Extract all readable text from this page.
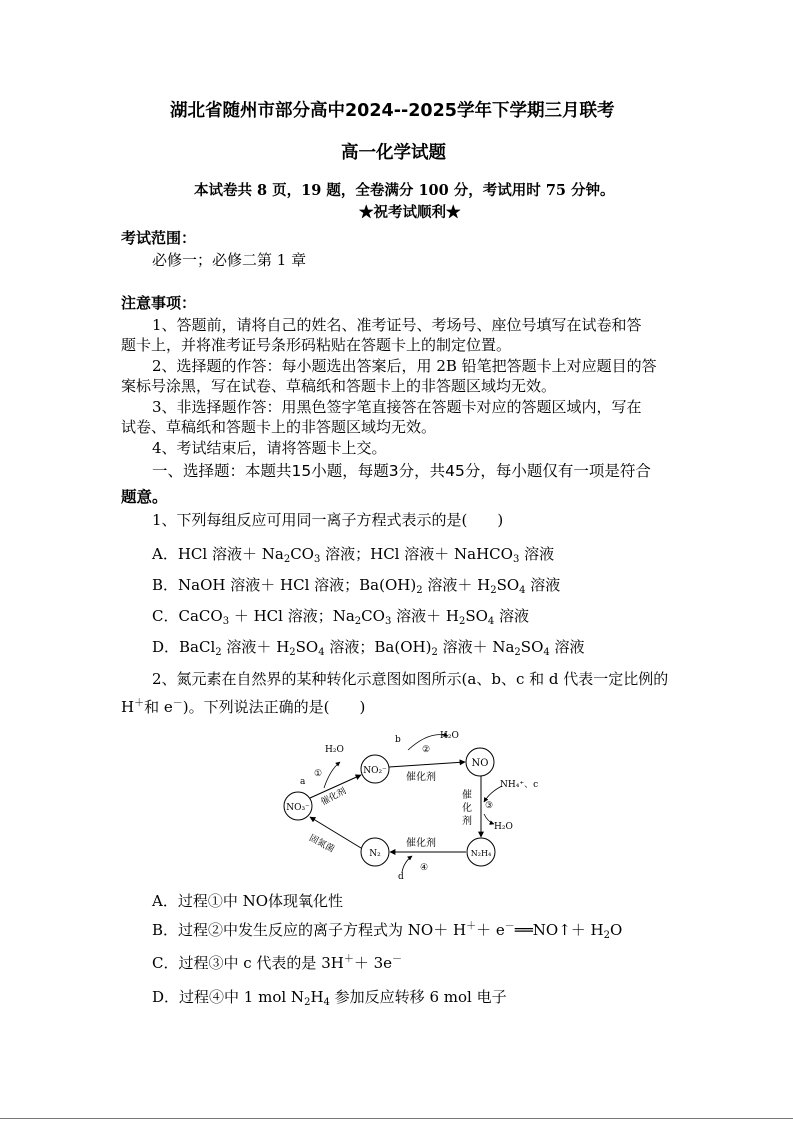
湖北省随州市部分高中2024--2025学年下学期三月联考
高一化学试题
本试卷共 8 页，19 题，全卷满分 100 分，考试用时 75 分钟。
★祝考试顺利★
考试范围：
必修一；必修二第 1 章
注意事项：
1、答题前，请将自己的姓名、准考证号、考场号、座位号填写在试卷和答
题卡上，并将准考证号条形码粘贴在答题卡上的制定位置。
2、选择题的作答：每小题选出答案后，用 2B 铅笔把答题卡上对应题目的答
案标号涂黑，写在试卷、草稿纸和答题卡上的非答题区域均无效。
3、非选择题作答：用黑色签字笔直接答在答题卡对应的答题区域内，写在
试卷、草稿纸和答题卡上的非答题区域均无效。
4、考试结束后，请将答题卡上交。
一、选择题：本题共15小题，每题3分，共45分，每小题仅有一项是符合
题意。
1、下列每组反应可用同一离子方程式表示的是(　　)
A．HCl 溶液＋ $Na_2CO_3$ 溶液；HCl 溶液＋ NaHCO$_3$ 溶液
B．NaOH 溶液＋ HCl 溶液；$Ba(OH)_2$ 溶液＋ $H_2SO_4$ 溶液
C．CaCO$_3$ ＋ HCl 溶液；$Na_2CO_3$ 溶液＋ $H_2SO_4$ 溶液
D．BaCl$_2$ 溶液＋ $H_2SO_4$ 溶液；$Ba(OH)_2$ 溶液＋ $Na_2SO_4$ 溶液
2、氮元素在自然界的某种转化示意图如图所示(a、b、c 和 d 代表一定比例的
H＋和 e－)。下列说法正确的是(　　)
NO₃⁻
NO₂⁻
NO
N₂H₄
N₂
H₂O
a
①
催化剂
b
②
H₂O
催化剂
NH₄⁺、c
催
化
剂
③
H₂O
催化剂
④
d
固氮菌
A．过程①中 NO体现氧化性
B．过程②中发生反应的离子方程式为 NO＋ H＋＋ e－══NO↑＋ $H_2O$
C．过程③中 c 代表的是 3H＋＋ 3e－
D．过程④中 1 mol $N_2H_4$ 参加反应转移 6 mol 电子
